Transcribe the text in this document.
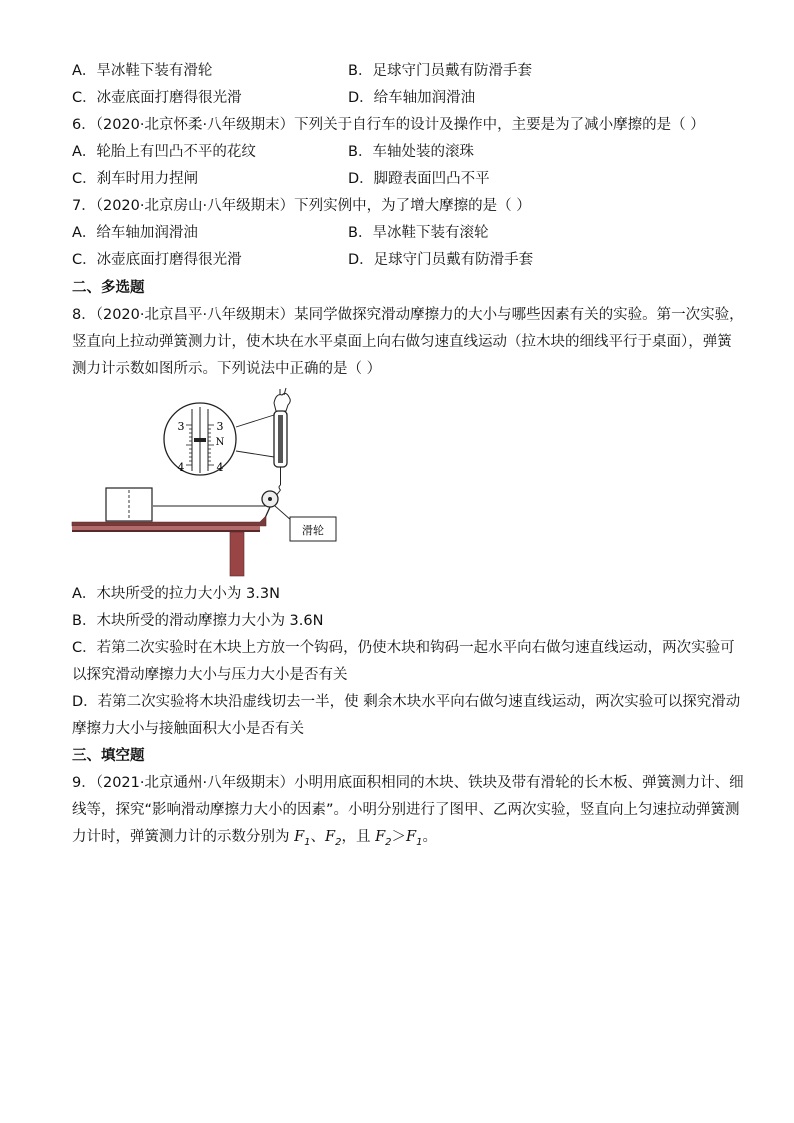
A．旱冰鞋下装有滑轮	B．足球守门员戴有防滑手套
C．冰壶底面打磨得很光滑	D．给车轴加润滑油
6．（2020·北京怀柔·八年级期末）下列关于自行车的设计及操作中，主要是为了减小摩擦的是（ ）
A．轮胎上有凹凸不平的花纹	B．车轴处装的滚珠
C．刹车时用力捏闸	D．脚蹬表面凹凸不平
7．（2020·北京房山·八年级期末）下列实例中，为了增大摩擦的是（ ）
A．给车轴加润滑油	B．旱冰鞋下装有滚轮
C．冰壶底面打磨得很光滑	D．足球守门员戴有防滑手套
二、多选题
8．（2020·北京昌平·八年级期末）某同学做探究滑动摩擦力的大小与哪些因素有关的实验。第一次实验，
竖直向上拉动弹簧测力计，使木块在水平桌面上向右做匀速直线运动（拉木块的细线平行于桌面），弹簧
测力计示数如图所示。下列说法中正确的是（ ）
3
4
3
4
N
滑轮
A．木块所受的拉力大小为 3.3N
B．木块所受的滑动摩擦力大小为 3.6N
C．若第二次实验时在木块上方放一个钩码，仍使木块和钩码一起水平向右做匀速直线运动，两次实验可
以探究滑动摩擦力大小与压力大小是否有关
D．若第二次实验将木块沿虚线切去一半，使 剩余木块水平向右做匀速直线运动，两次实验可以探究滑动
摩擦力大小与接触面积大小是否有关
三、填空题
9．（2021·北京通州·八年级期末）小明用底面积相同的木块、铁块及带有滑轮的长木板、弹簧测力计、细
线等，探究“影响滑动摩擦力大小的因素”。小明分别进行了图甲、乙两次实验，竖直向上匀速拉动弹簧测
力计时，弹簧测力计的示数分别为 $F_1$、$F_2$，且 $F_2>F_1$。
